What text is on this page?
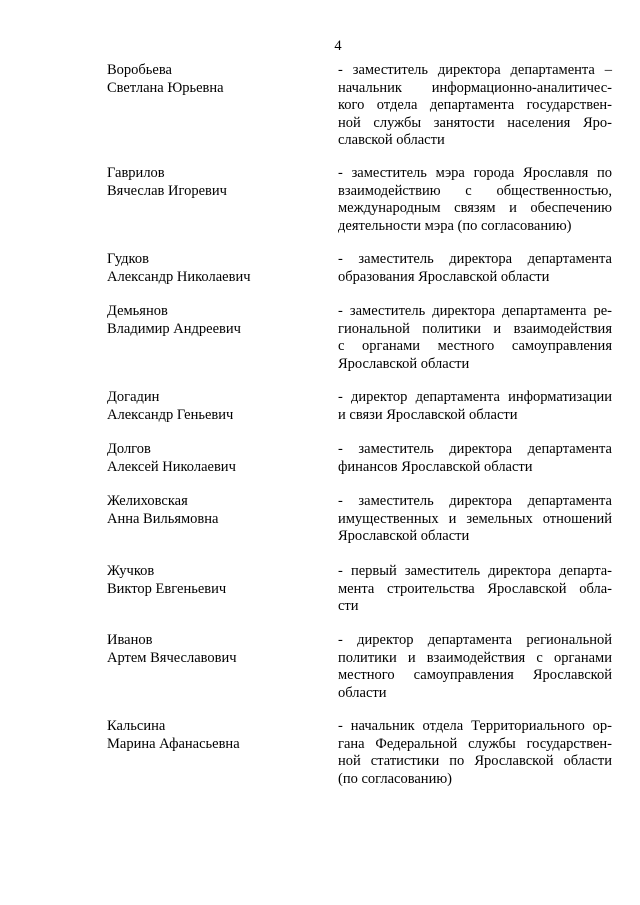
4
Воробьева
Светлана Юрьевна
- заместитель директора департамента –
начальник информационно-аналитичес-
кого отдела департамента государствен-
ной службы занятости населения Яро-
славской области
Гаврилов
Вячеслав Игоревич
- заместитель мэра города Ярославля по
взаимодействию с общественностью,
международным связям и обеспечению
деятельности мэра (по согласованию)
Гудков
Александр Николаевич
- заместитель директора департамента
образования Ярославской области
Демьянов
Владимир Андреевич
- заместитель директора департамента ре-
гиональной политики и взаимодействия
с органами местного самоуправления
Ярославской области
Догадин
Александр Геньевич
- директор департамента информатизации
и связи Ярославской области
Долгов
Алексей Николаевич
- заместитель директора департамента
финансов Ярославской области
Желиховская
Анна Вильямовна
- заместитель директора департамента
имущественных и земельных отношений
Ярославской области
Жучков
Виктор Евгеньевич
- первый заместитель директора департа-
мента строительства Ярославской обла-
сти
Иванов
Артем Вячеславович
- директор департамента региональной
политики и взаимодействия с органами
местного самоуправления Ярославской
области
Кальсина
Марина Афанасьевна
- начальник отдела Территориального ор-
гана Федеральной службы государствен-
ной статистики по Ярославской области
(по согласованию)
